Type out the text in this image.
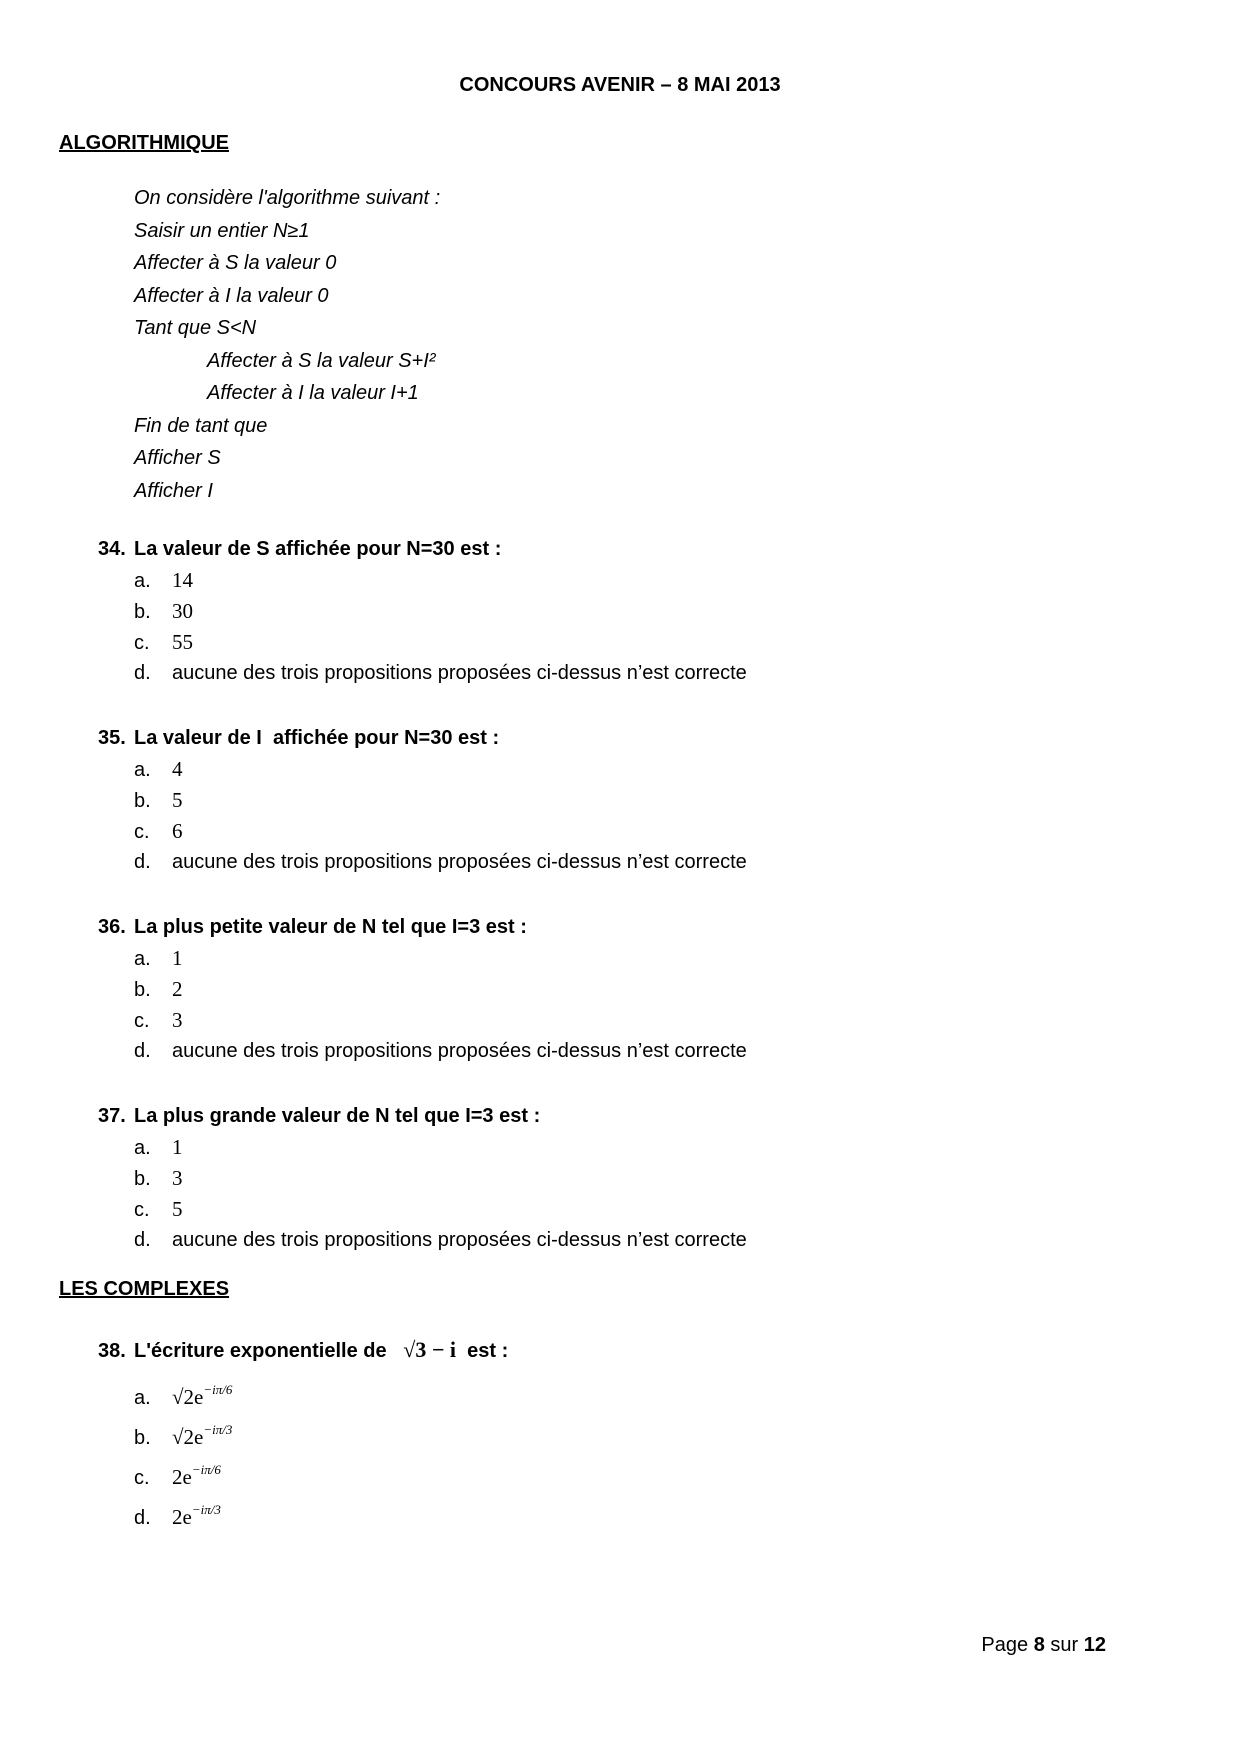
CONCOURS AVENIR – 8 MAI 2013
ALGORITHMIQUE
On considère l'algorithme suivant :
Saisir un entier N≥1
Affecter à S la valeur 0
Affecter à I la valeur 0
Tant que S<N
Affecter à S la valeur S+I²
Affecter à I la valeur I+1
Fin de tant que
Afficher S
Afficher I
34. La valeur de S affichée pour N=30 est :
a. 14
b. 30
c. 55
d. aucune des trois propositions proposées ci-dessus n’est correcte
35. La valeur de I  affichée pour N=30 est :
a. 4
b. 5
c. 6
d. aucune des trois propositions proposées ci-dessus n’est correcte
36. La plus petite valeur de N tel que I=3 est :
a. 1
b. 2
c. 3
d. aucune des trois propositions proposées ci-dessus n’est correcte
37. La plus grande valeur de N tel que I=3 est :
a. 1
b. 3
c. 5
d. aucune des trois propositions proposées ci-dessus n’est correcte
LES COMPLEXES
38. L'écriture exponentielle de √3 − i est :
a. $√2e^{-i\pi/6}$
b. $√2e^{-i\pi/3}$
c. $2e^{-i\pi/6}$
d. $2e^{-i\pi/3}$
Page 8 sur 12
